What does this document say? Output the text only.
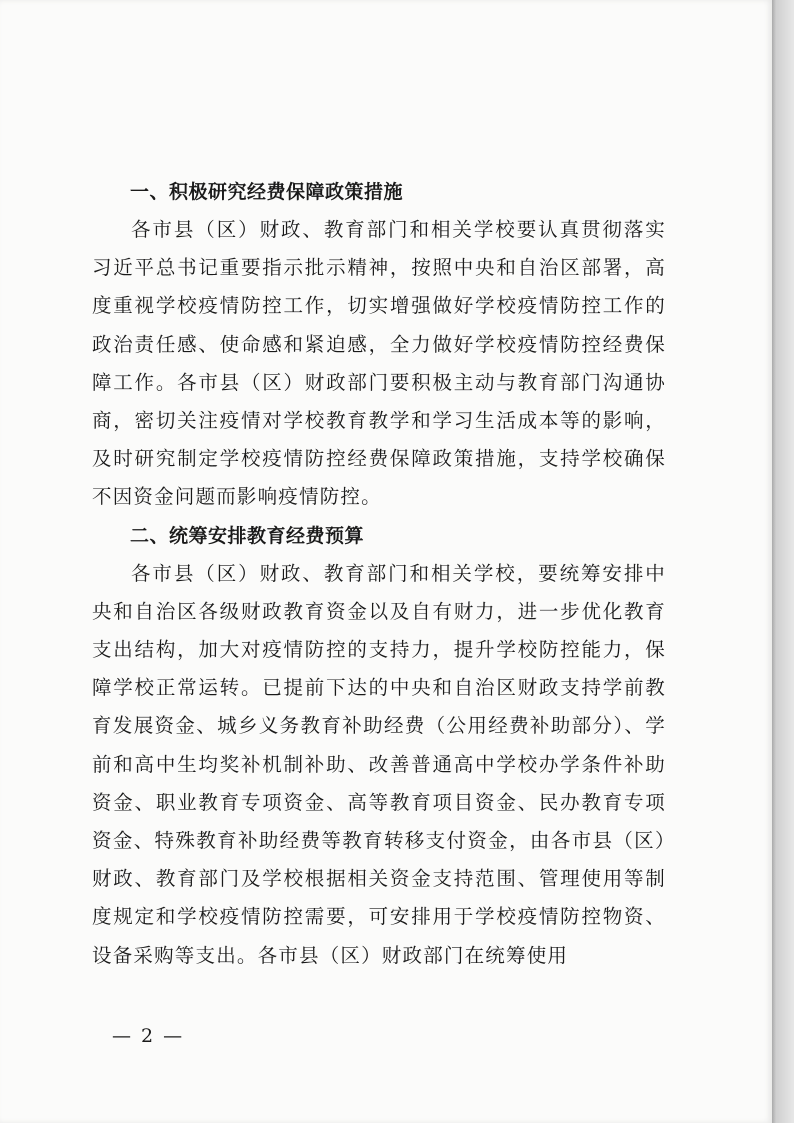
一、积极研究经费保障政策措施

各市县（区）财政、教育部门和相关学校要认真贯彻落实习近平总书记重要指示批示精神，按照中央和自治区部署，高度重视学校疫情防控工作，切实增强做好学校疫情防控工作的政治责任感、使命感和紧迫感，全力做好学校疫情防控经费保障工作。各市县（区）财政部门要积极主动与教育部门沟通协商，密切关注疫情对学校教育教学和学习生活成本等的影响，及时研究制定学校疫情防控经费保障政策措施，支持学校确保不因资金问题而影响疫情防控。

二、统筹安排教育经费预算

各市县（区）财政、教育部门和相关学校，要统筹安排中央和自治区各级财政教育资金以及自有财力，进一步优化教育支出结构，加大对疫情防控的支持力，提升学校防控能力，保障学校正常运转。已提前下达的中央和自治区财政支持学前教育发展资金、城乡义务教育补助经费（公用经费补助部分）、学前和高中生均奖补机制补助、改善普通高中学校办学条件补助资金、职业教育专项资金、高等教育项目资金、民办教育专项资金、特殊教育补助经费等教育转移支付资金，由各市县（区）财政、教育部门及学校根据相关资金支持范围、管理使用等制度规定和学校疫情防控需要，可安排用于学校疫情防控物资、设备采购等支出。各市县（区）财政部门在统筹使用

— 2 —
